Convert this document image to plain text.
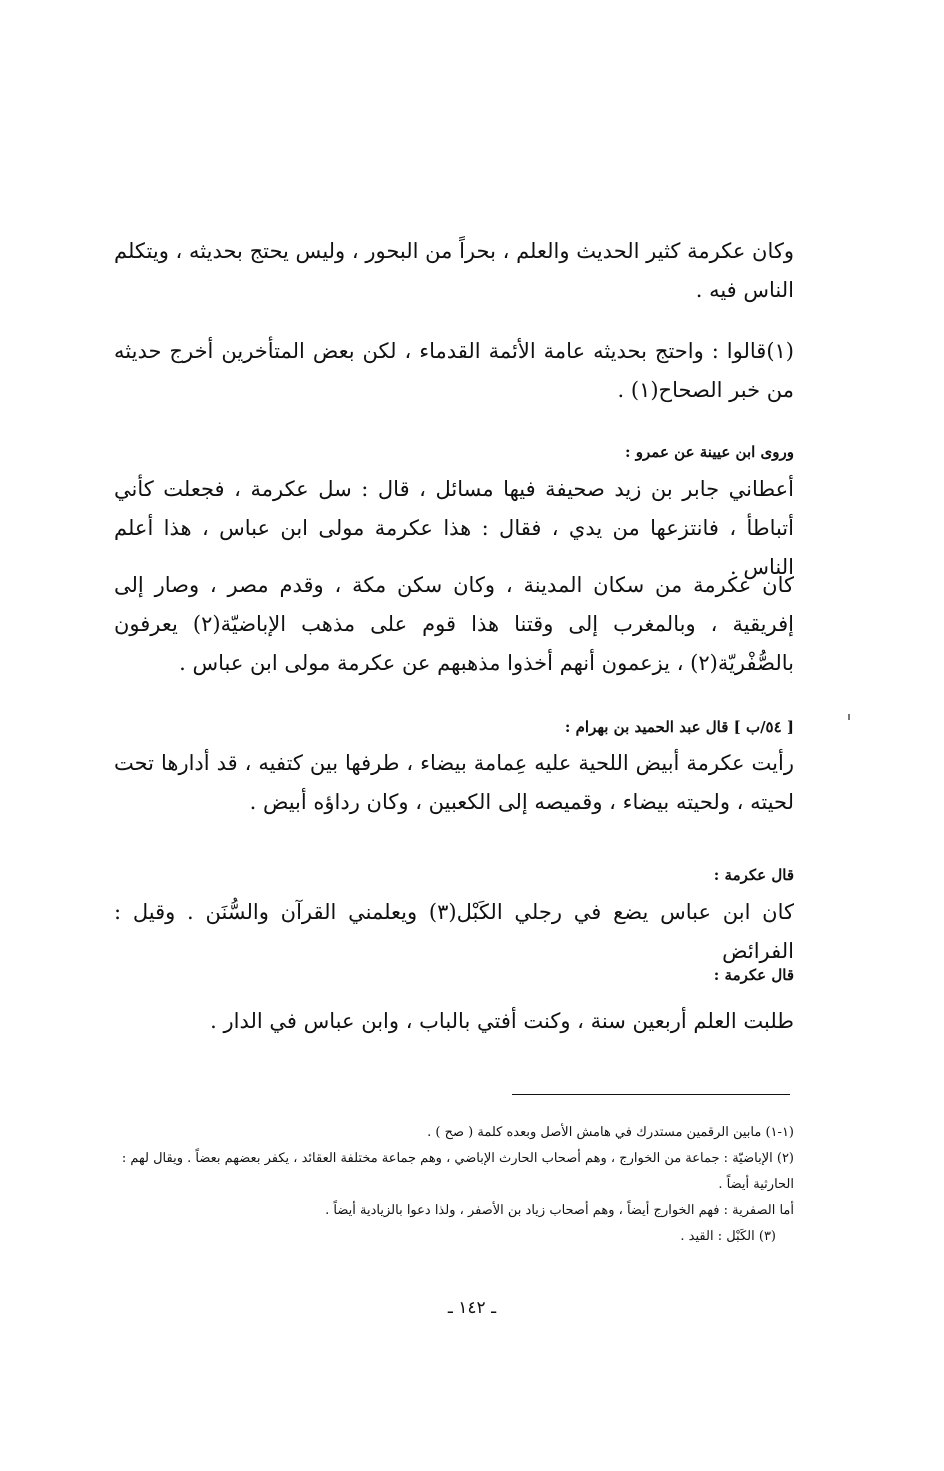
وكان عكرمة كثير الحديث والعلم ، بحراً من البحور ، وليس يحتج بحديثه ، ويتكلم الناس فيه .

(١)قالوا : واحتج بحديثه عامة الأئمة القدماء ، لكن بعض المتأخرين أخرج حديثه من خبر الصحاح(١) .

وروى ابن عيينة عن عمرو :

أعطاني جابر بن زيد صحيفة فيها مسائل ، قال : سل عكرمة ، فجعلت كأني أتباطأ ، فانتزعها من يدي ، فقال : هذا عكرمة مولى ابن عباس ، هذا أعلم الناس .

كان عكرمة من سكان المدينة ، وكان سكن مكة ، وقدم مصر ، وصار إلى إفريقية ، وبالمغرب إلى وقتنا هذا قوم على مذهب الإباضيّة(٢) يعرفون بالصُّفْريّة(٢) ، يزعمون أنهم أخذوا مذهبهم عن عكرمة مولى ابن عباس .

[ ٥٤/ب ] قال عبد الحميد بن بهرام :

رأيت عكرمة أبيض اللحية عليه عِمامة بيضاء ، طرفها بين كتفيه ، قد أدارها تحت لحيته ، ولحيته بيضاء ، وقميصه إلى الكعبين ، وكان رداؤه أبيض .

قال عكرمة :

كان ابن عباس يضع في رجلي الكَبْل(٣) ويعلمني القرآن والسُّنَن . وقيل : الفرائض

قال عكرمة :

طلبت العلم أربعين سنة ، وكنت أفتي بالباب ، وابن عباس في الدار .

(١-١) مابين الرقمين مستدرك في هامش الأصل وبعده كلمة ( صح ) .

(٢) الإباضيّة : جماعة من الخوارج ، وهم أصحاب الحارث الإباضي ، وهم جماعة مختلفة العقائد ، يكفر بعضهم بعضاً . ويقال لهم : الحارثية أيضاً .

أما الصفرية : فهم الخوارج أيضاً ، وهم أصحاب زياد بن الأصفر ، ولذا دعوا بالزيادية أيضاً .

(٣) الكَبْل : القيد .

ـ ١٤٢ ـ
